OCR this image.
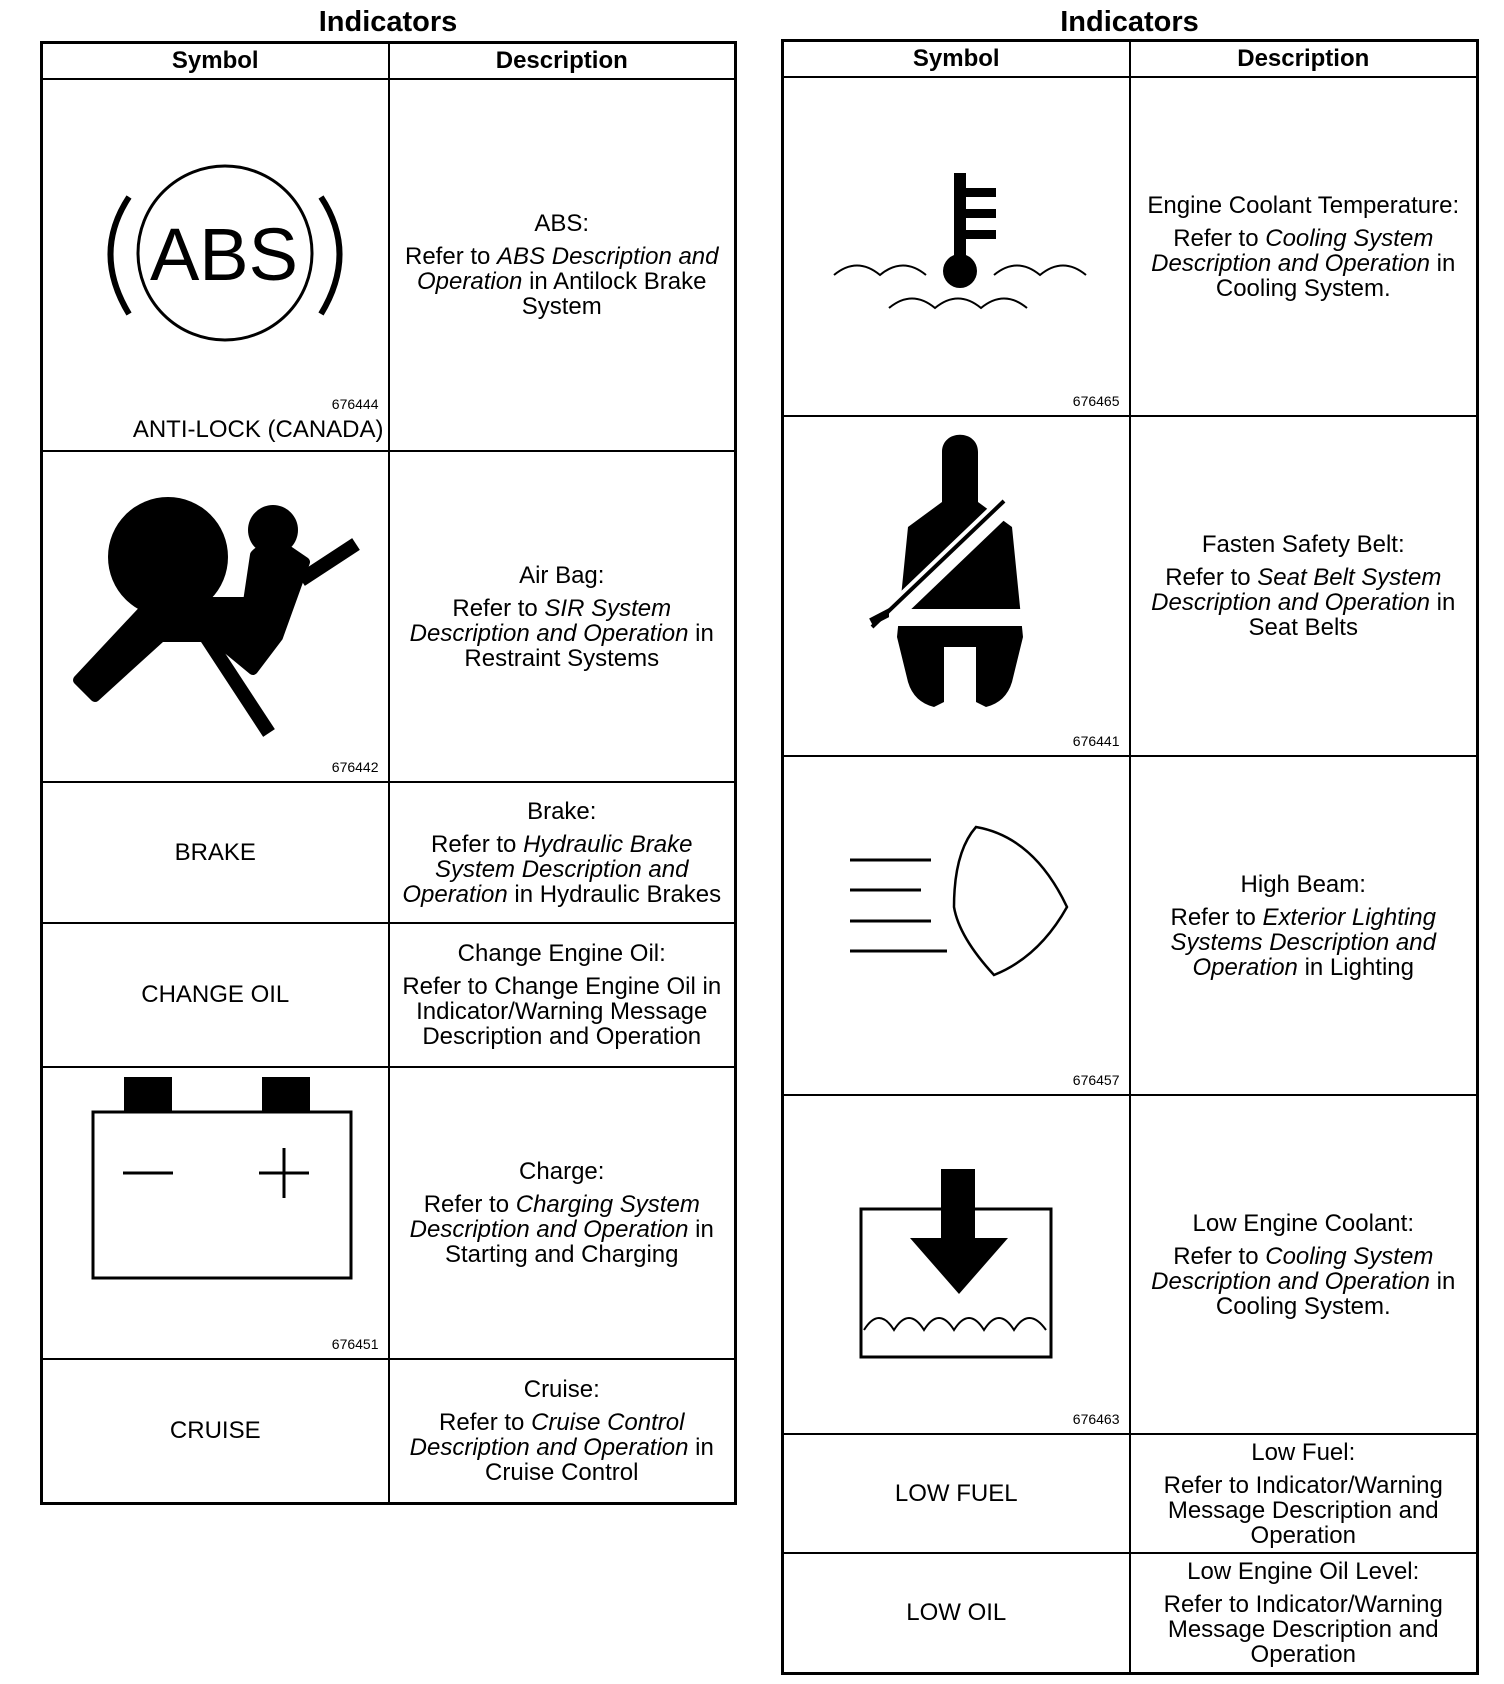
Indicators
Symbol	Description

ABS
676444
ANTI-LOCK (CANADA)	ABS:
Refer to ABS Description and Operation in Antilock Brake System

676442	Air Bag:
Refer to SIR System Description and Operation in Restraint Systems

BRAKE	Brake:
Refer to Hydraulic Brake System Description and Operation in Hydraulic Brakes

CHANGE OIL	Change Engine Oil:
Refer to Change Engine Oil in Indicator/Warning Message Description and Operation

676451	Charge:
Refer to Charging System Description and Operation in Starting and Charging

CRUISE	Cruise:
Refer to Cruise Control Description and Operation in Cruise Control
Indicators
Symbol	Description

676465	Engine Coolant Temperature:
Refer to Cooling System Description and Operation in Cooling System.

676441	Fasten Safety Belt:
Refer to Seat Belt System Description and Operation in Seat Belts

676457	High Beam:
Refer to Exterior Lighting Systems Description and Operation in Lighting

676463	Low Engine Coolant:
Refer to Cooling System Description and Operation in Cooling System.

LOW FUEL	Low Fuel:
Refer to Indicator/Warning Message Description and Operation

LOW OIL	Low Engine Oil Level:
Refer to Indicator/Warning Message Description and Operation
